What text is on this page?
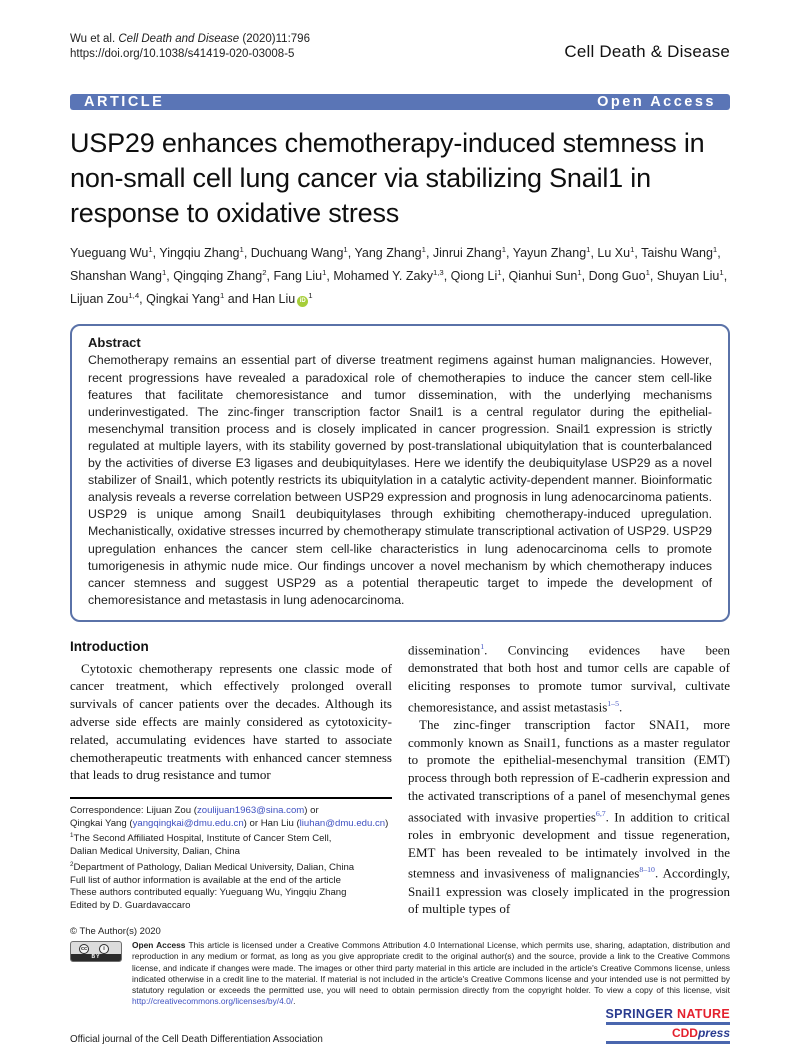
Wu et al. Cell Death and Disease (2020)11:796
https://doi.org/10.1038/s41419-020-03008-5	Cell Death & Disease
ARTICLE	Open Access
USP29 enhances chemotherapy-induced stemness in non-small cell lung cancer via stabilizing Snail1 in response to oxidative stress
Yueguang Wu$^1$, Yingqiu Zhang$^1$, Duchuang Wang$^1$, Yang Zhang$^1$, Jinrui Zhang$^1$, Yayun Zhang$^1$, Lu Xu$^1$, Taishu Wang$^1$, Shanshan Wang$^1$, Qingqing Zhang$^2$, Fang Liu$^1$, Mohamed Y. Zaky$^{1,3}$, Qiong Li$^1$, Qianhui Sun$^1$, Dong Guo$^1$, Shuyan Liu$^1$, Lijuan Zou$^{1,4}$, Qingkai Yang$^1$ and Han Liu $iD^1$
Abstract
Chemotherapy remains an essential part of diverse treatment regimens against human malignancies. However, recent progressions have revealed a paradoxical role of chemotherapies to induce the cancer stem cell-like features that facilitate chemoresistance and tumor dissemination, with the underlying mechanisms underinvestigated. The zinc-finger transcription factor Snail1 is a central regulator during the epithelial-mesenchymal transition process and is closely implicated in cancer progression. Snail1 expression is strictly regulated at multiple layers, with its stability governed by post-translational ubiquitylation that is counterbalanced by the activities of diverse E3 ligases and deubiquitylases. Here we identify the deubiquitylase USP29 as a novel stabilizer of Snail1, which potently restricts its ubiquitylation in a catalytic activity-dependent manner. Bioinformatic analysis reveals a reverse correlation between USP29 expression and prognosis in lung adenocarcinoma patients. USP29 is unique among Snail1 deubiquitylases through exhibiting chemotherapy-induced upregulation. Mechanistically, oxidative stresses incurred by chemotherapy stimulate transcriptional activation of USP29. USP29 upregulation enhances the cancer stem cell-like characteristics in lung adenocarcinoma cells to promote tumorigenesis in athymic nude mice. Our findings uncover a novel mechanism by which chemotherapy induces cancer stemness and suggest USP29 as a potential therapeutic target to impede the development of chemoresistance and metastasis in lung adenocarcinoma.
Introduction

Cytotoxic chemotherapy represents one classic mode of cancer treatment, which effectively prolonged overall survivals of cancer patients over the decades. Although its adverse side effects are mainly considered as cytotoxicity-related, accumulating evidences have started to associate chemotherapeutic treatments with enhanced cancer stemness that leads to drug resistance and tumor

Correspondence: Lijuan Zou (zoulijuan1963@sina.com) or
Qingkai Yang (yangqingkai@dmu.edu.cn) or Han Liu (liuhan@dmu.edu.cn)
$^1$The Second Affiliated Hospital, Institute of Cancer Stem Cell,
Dalian Medical University, Dalian, China
$^2$Department of Pathology, Dalian Medical University, Dalian, China
Full list of author information is available at the end of the article
These authors contributed equally: Yueguang Wu, Yingqiu Zhang
Edited by D. Guardavaccaro

dissemination$^1$. Convincing evidences have been demonstrated that both host and tumor cells are capable of eliciting responses to promote tumor survival, cultivate chemoresistance, and assist metastasis$^{1-5}$.

The zinc-finger transcription factor SNAI1, more commonly known as Snail1, functions as a master regulator to promote the epithelial-mesenchymal transition (EMT) process through both repression of E-cadherin expression and the activated transcriptions of a panel of mesenchymal genes associated with invasive properties$^{6,7}$. In addition to critical roles in embryonic development and tissue regeneration, EMT has been revealed to be intimately involved in the stemness and invasiveness of malignancies$^{8-10}$. Accordingly, Snail1 expression was closely implicated in the progression of multiple types of

© The Author(s) 2020
cc	i
BY

Open Access This article is licensed under a Creative Commons Attribution 4.0 International License, which permits use, sharing, adaptation, distribution and reproduction in any medium or format, as long as you give appropriate credit to the original author(s) and the source, provide a link to the Creative Commons license, and indicate if changes were made. The images or other third party material in this article are included in the article's Creative Commons license, unless indicated otherwise in a credit line to the material. If material is not included in the article's Creative Commons license and your intended use is not permitted by statutory regulation or exceeds the permitted use, you will need to obtain permission directly from the copyright holder. To view a copy of this license, visit http://creativecommons.org/licenses/by/4.0/.

Official journal of the Cell Death Differentiation Association
SPRINGER NATURE
CDDpress
